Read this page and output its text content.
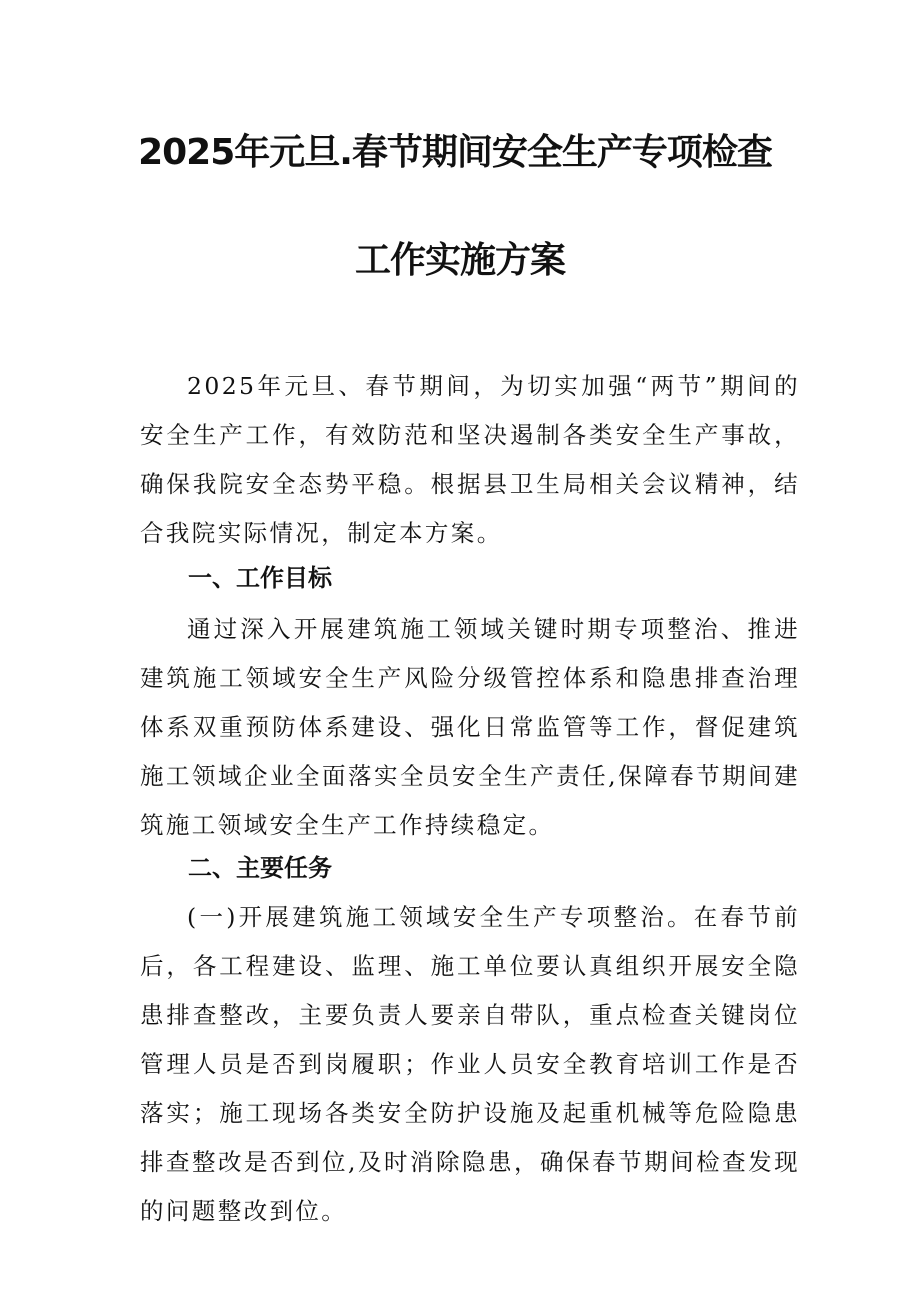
2025年元旦.春节期间安全生产专项检查
工作实施方案

2025年元旦、春节期间，为切实加强“两节”期间的安全生产工作，有效防范和坚决遏制各类安全生产事故，确保我院安全态势平稳。根据县卫生局相关会议精神，结合我院实际情况，制定本方案。

一、工作目标

通过深入开展建筑施工领域关键时期专项整治、推进建筑施工领域安全生产风险分级管控体系和隐患排查治理体系双重预防体系建设、强化日常监管等工作，督促建筑施工领域企业全面落实全员安全生产责任,保障春节期间建筑施工领域安全生产工作持续稳定。

二、主要任务

(一)开展建筑施工领域安全生产专项整治。在春节前后，各工程建设、监理、施工单位要认真组织开展安全隐患排查整改，主要负责人要亲自带队，重点检查关键岗位管理人员是否到岗履职；作业人员安全教育培训工作是否落实；施工现场各类安全防护设施及起重机械等危险隐患排查整改是否到位,及时消除隐患，确保春节期间检查发现的问题整改到位。
